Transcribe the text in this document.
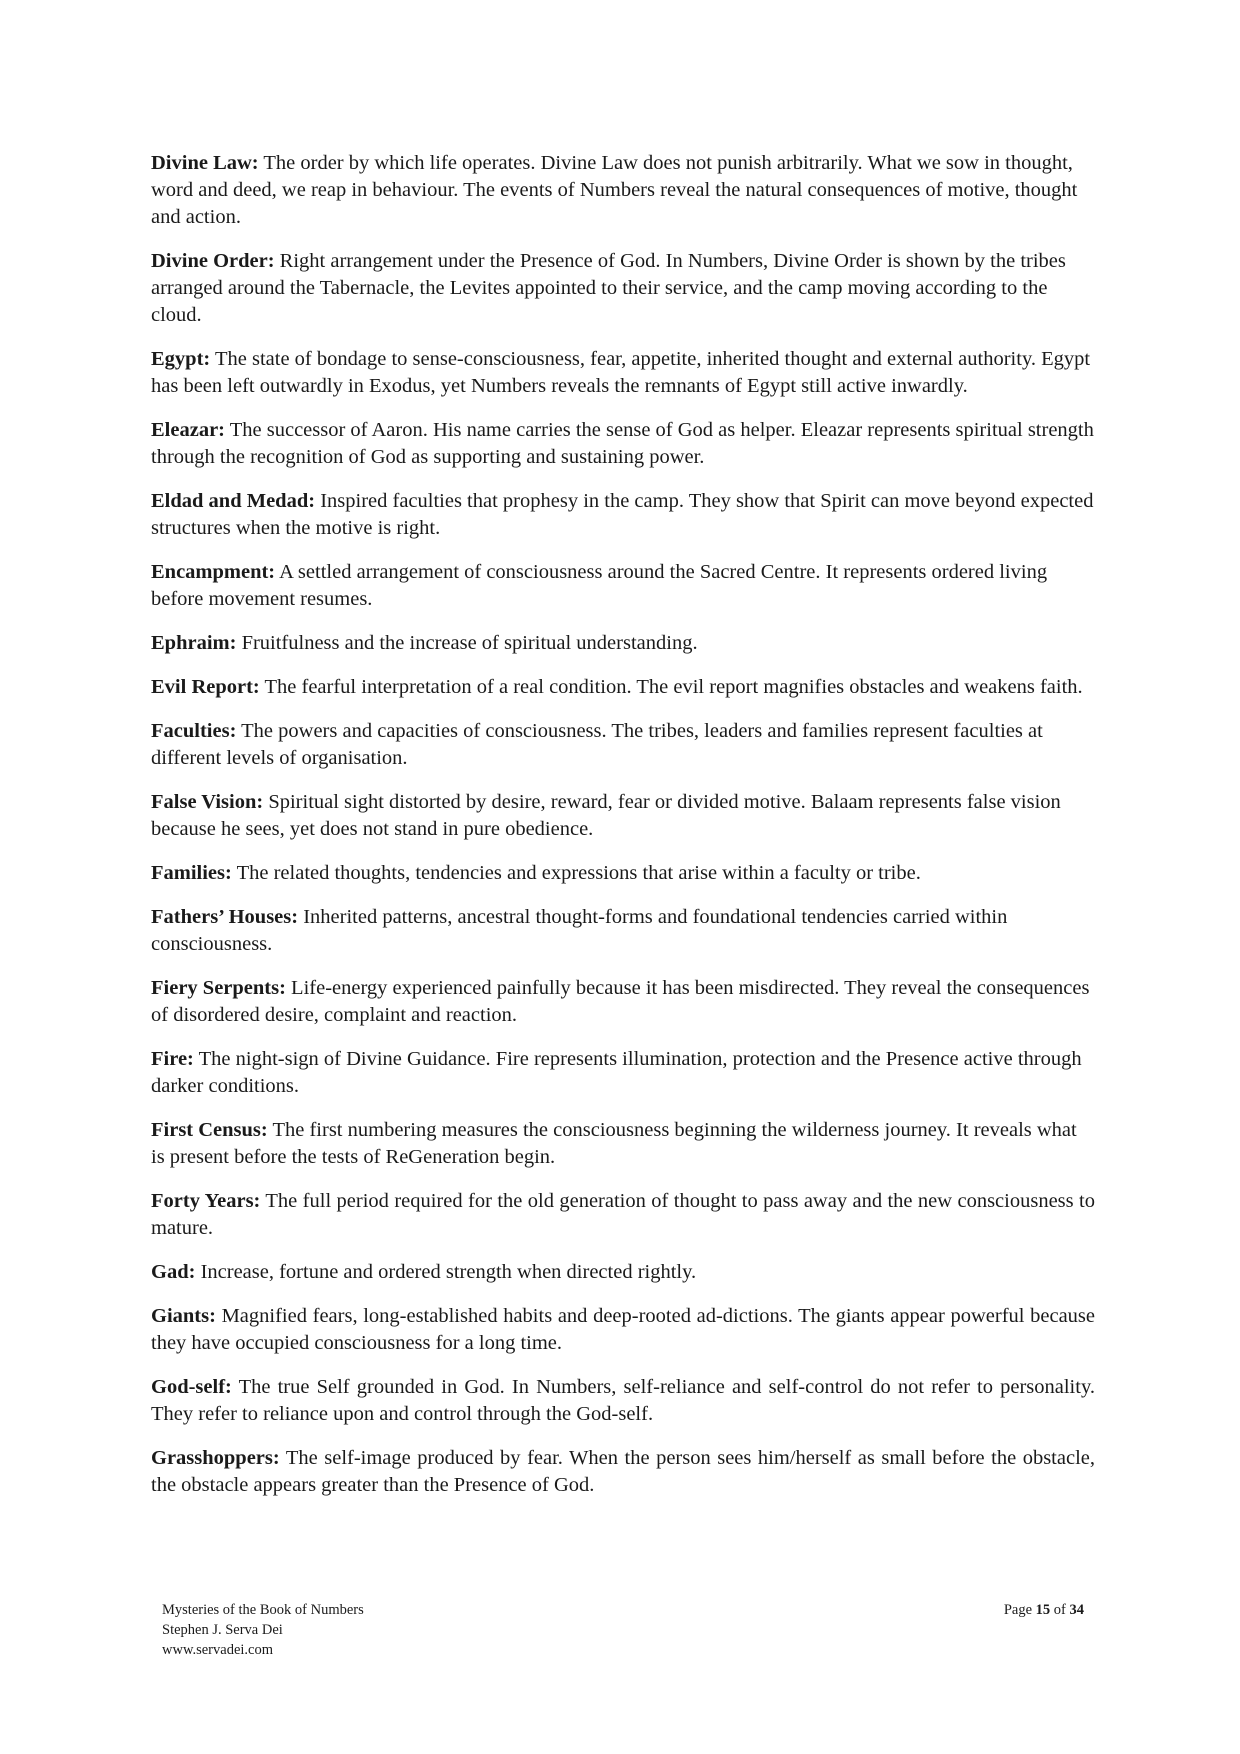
Divine Law: The order by which life operates. Divine Law does not punish arbitrarily. What we sow in thought, word and deed, we reap in behaviour. The events of Numbers reveal the natural consequences of motive, thought and action.

Divine Order: Right arrangement under the Presence of God. In Numbers, Divine Order is shown by the tribes arranged around the Tabernacle, the Levites appointed to their service, and the camp moving according to the cloud.

Egypt: The state of bondage to sense-consciousness, fear, appetite, inherited thought and external authority. Egypt has been left outwardly in Exodus, yet Numbers reveals the remnants of Egypt still active inwardly.

Eleazar: The successor of Aaron. His name carries the sense of God as helper. Eleazar represents spiritual strength through the recognition of God as supporting and sustaining power.

Eldad and Medad: Inspired faculties that prophesy in the camp. They show that Spirit can move beyond expected structures when the motive is right.

Encampment: A settled arrangement of consciousness around the Sacred Centre. It represents ordered living before movement resumes.

Ephraim: Fruitfulness and the increase of spiritual understanding.

Evil Report: The fearful interpretation of a real condition. The evil report magnifies obstacles and weakens faith.

Faculties: The powers and capacities of consciousness. The tribes, leaders and families represent faculties at different levels of organisation.

False Vision: Spiritual sight distorted by desire, reward, fear or divided motive. Balaam represents false vision because he sees, yet does not stand in pure obedience.

Families: The related thoughts, tendencies and expressions that arise within a faculty or tribe.

Fathers’ Houses: Inherited patterns, ancestral thought-forms and foundational tendencies carried within consciousness.

Fiery Serpents: Life-energy experienced painfully because it has been misdirected. They reveal the consequences of disordered desire, complaint and reaction.

Fire: The night-sign of Divine Guidance. Fire represents illumination, protection and the Presence active through darker conditions.

First Census: The first numbering measures the consciousness beginning the wilderness journey. It reveals what is present before the tests of ReGeneration begin.

Forty Years: The full period required for the old generation of thought to pass away and the new consciousness to mature.

Gad: Increase, fortune and ordered strength when directed rightly.

Giants: Magnified fears, long-established habits and deep-rooted ad-dictions. The giants appear powerful because they have occupied consciousness for a long time.

God-self: The true Self grounded in God. In Numbers, self-reliance and self-control do not refer to personality. They refer to reliance upon and control through the God-self.

Grasshoppers: The self-image produced by fear. When the person sees him/herself as small before the obstacle, the obstacle appears greater than the Presence of God.

Mysteries of the Book of Numbers
Stephen J. Serva Dei
www.servadei.com
Page 15 of 34
